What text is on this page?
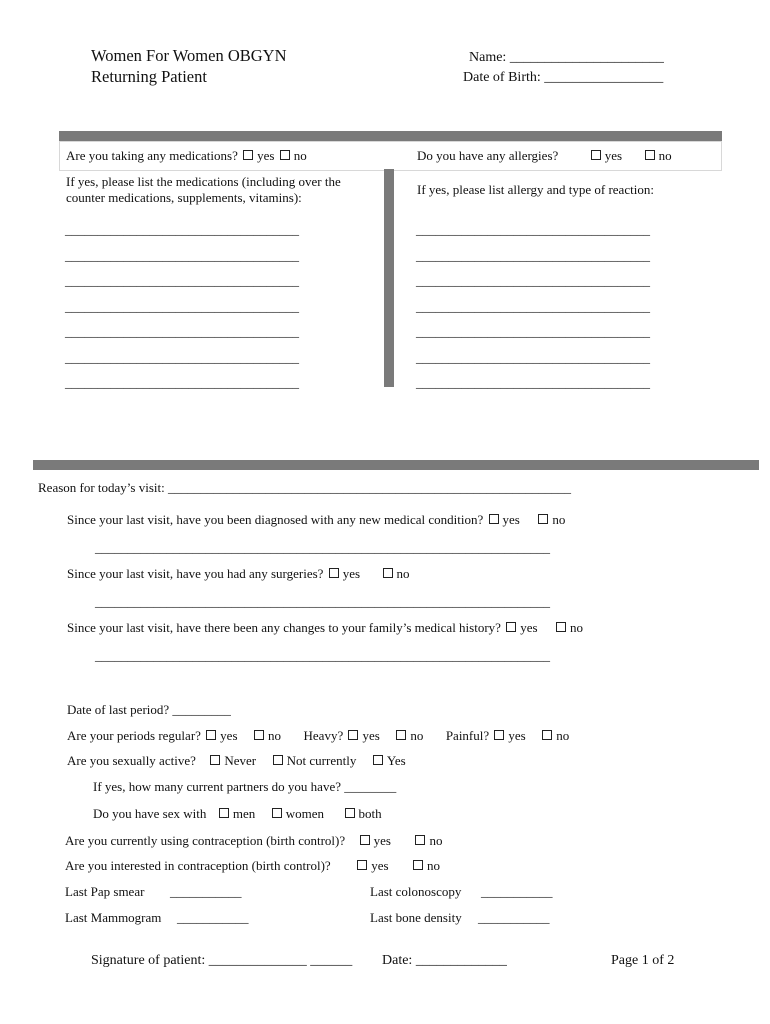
Women For Women OBGYN
Returning Patient
Name: ______________________
Date of Birth: _________________
Are you taking any medications? yes no
If yes, please list the medications (including over the counter medications, supplements, vitamins):
____________________________________
____________________________________
____________________________________
____________________________________
____________________________________
____________________________________
____________________________________
Do you have any allergies?	yes	no
If yes, please list allergy and type of reaction:
____________________________________
____________________________________
____________________________________
____________________________________
____________________________________
____________________________________
____________________________________
Reason for today’s visit: ______________________________________________________________
Since your last visit, have you been diagnosed with any new medical condition? yes	no
______________________________________________________________________
Since your last visit, have you had any surgeries? yes	no
______________________________________________________________________
Since your last visit, have there been any changes to your family’s medical history? yes	no
______________________________________________________________________
Date of last period? _________
Are your periods regular? yes no Heavy? yes no Painful? yes no
Are you sexually active? Never Not currently Yes
If yes, how many current partners do you have? ________
Do you have sex with men women	both
Are you currently using contraception (birth control)? yes	no
Are you interested in contraception (birth control)?	yes	no
Last Pap smear ___________	Last colonoscopy ___________
Last Mammogram ___________	Last bone density ___________
Signature of patient: ______________ ______ Date: _____________	Page 1 of 2
